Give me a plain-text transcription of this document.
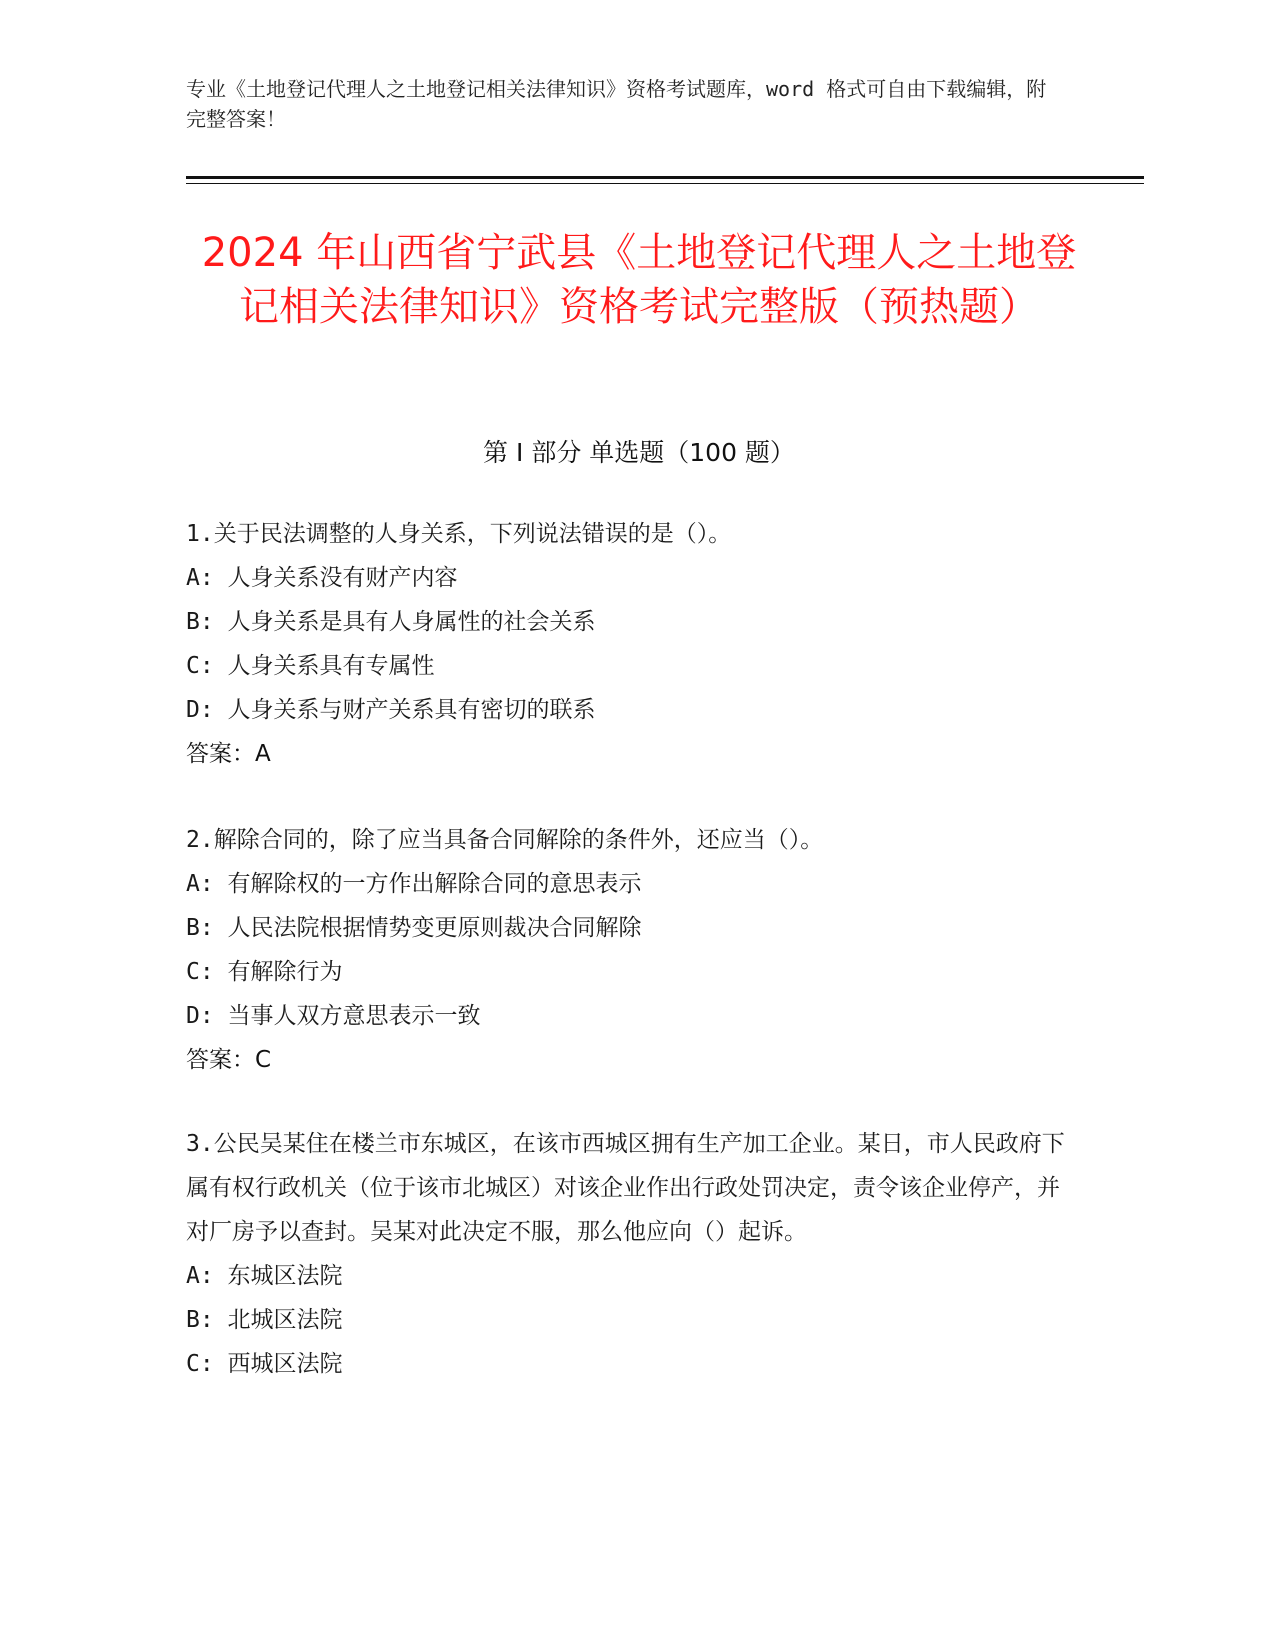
专业《土地登记代理人之土地登记相关法律知识》资格考试题库，word 格式可自由下载编辑，附完整答案！
2024 年山西省宁武县《土地登记代理人之土地登记相关法律知识》资格考试完整版（预热题）
第 I 部分 单选题（100 题）
1.关于民法调整的人身关系，下列说法错误的是（）。
A: 人身关系没有财产内容
B: 人身关系是具有人身属性的社会关系
C: 人身关系具有专属性
D: 人身关系与财产关系具有密切的联系
答案：A
2.解除合同的，除了应当具备合同解除的条件外，还应当（）。
A: 有解除权的一方作出解除合同的意思表示
B: 人民法院根据情势变更原则裁决合同解除
C: 有解除行为
D: 当事人双方意思表示一致
答案：C
3.公民吴某住在楼兰市东城区，在该市西城区拥有生产加工企业。某日，市人民政府下属有权行政机关（位于该市北城区）对该企业作出行政处罚决定，责令该企业停产，并对厂房予以查封。吴某对此决定不服，那么他应向（）起诉。
A: 东城区法院
B: 北城区法院
C: 西城区法院
